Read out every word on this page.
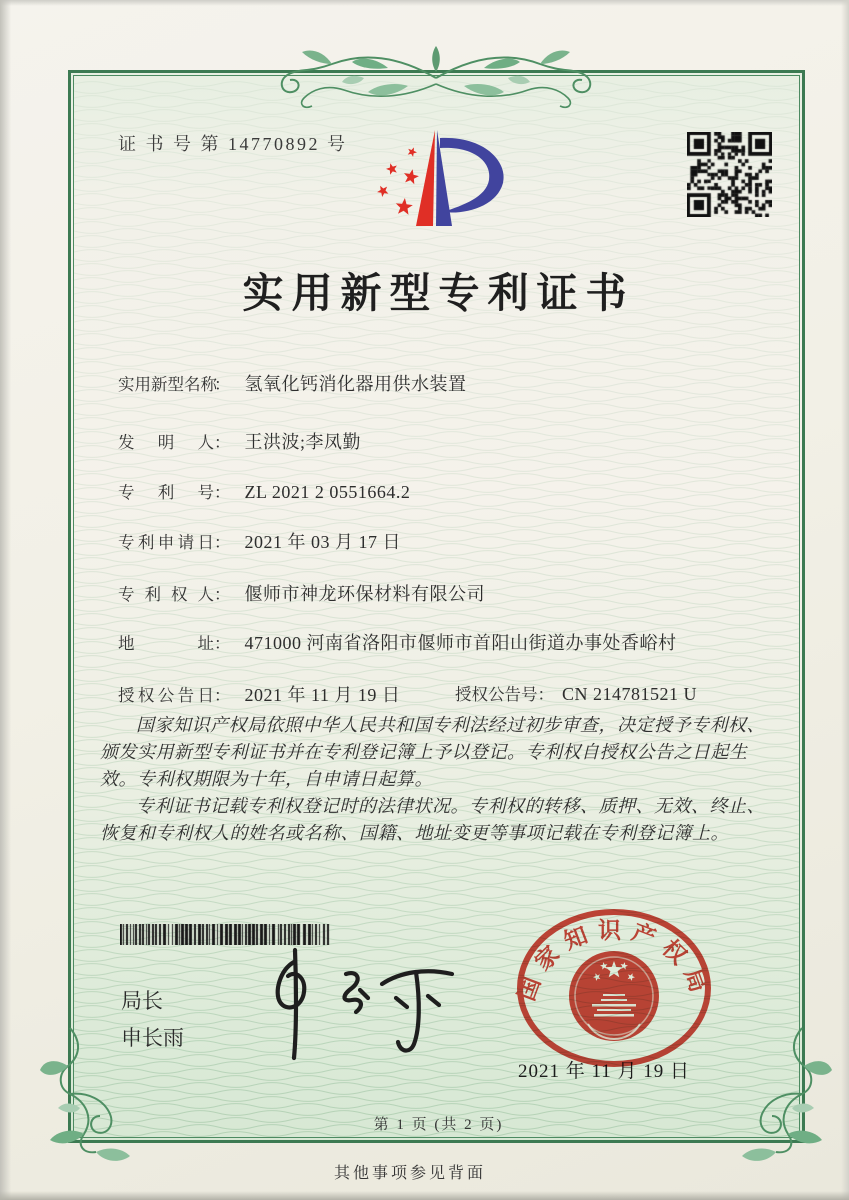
证 书 号 第 14770892 号
实用新型专利证书
实用新型名称： 氢氧化钙消化器用供水装置
发明人： 王洪波;李凤勤
专利号： ZL 2021 2 0551664.2
专利申请日： 2021 年 03 月 17 日
专利权人： 偃师市神龙环保材料有限公司
地址： 471000 河南省洛阳市偃师市首阳山街道办事处香峪村
授权公告日： 2021 年 11 月 19 日	授权公告号： CN 214781521 U

国家知识产权局依照中华人民共和国专利法经过初步审查，决定授予专利权、颁发实用新型专利证书并在专利登记簿上予以登记。专利权自授权公告之日起生效。专利权期限为十年，自申请日起算。

专利证书记载专利权登记时的法律状况。专利权的转移、质押、无效、终止、恢复和专利权人的姓名或名称、国籍、地址变更等事项记载在专利登记簿上。

局长
申长雨
国家知识产权局
2021 年 11 月 19 日
第 1 页 (共 2 页)
其他事项参见背面
